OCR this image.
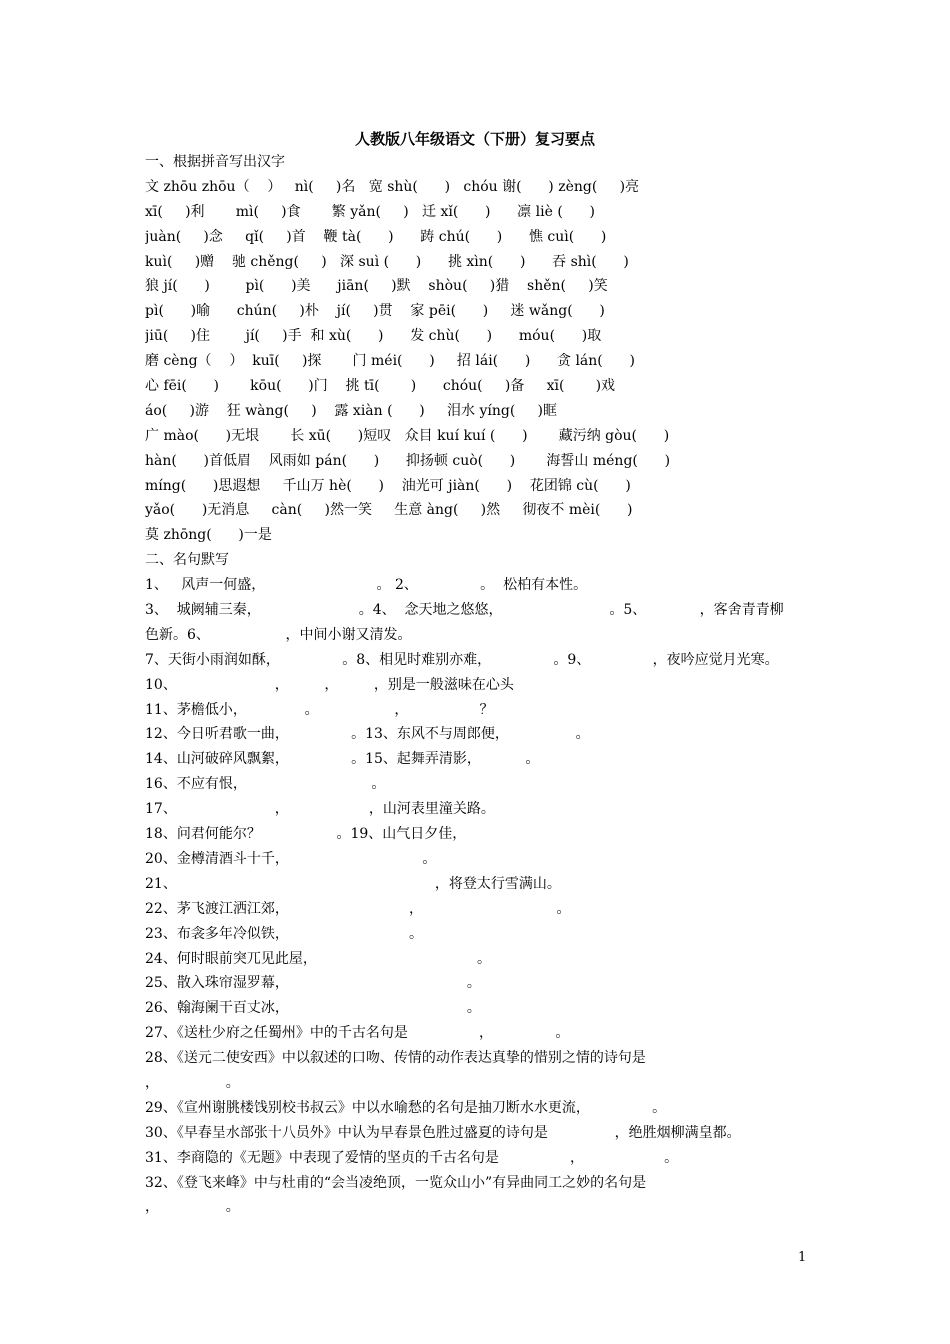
人教版八年级语文（下册）复习要点
一、根据拼音写出汉字
文 zhōu zhōu（    ）   nì(     )名   宽 shù(      )   chóu 谢(      ) zèng(     )亮
xī(     )利       mì(     )食       繁 yǎn(     )   迁 xǐ(      )      凛 liè (      )
juàn(     )念     qǐ(     )首    鞭 tà(      )      踌 chú(      )      憔 cuì(      )
kuì(     )赠    驰 chěng(     )   深 suì (      )      挑 xìn(      )      吞 shì(      )
狼 jí(      )        pì(      )美      jiān(     )默    shòu(     )猎    shěn(     )笑
pì(      )喻      chún(     )朴    jí(     )贯    家 pēi(      )     迷 wǎng(      )
jiū(     )住        jí(     )手  和 xù(      )      发 chù(      )      móu(      )取
磨 cèng（    ）  kuī(     )探       门 méi(      )     招 lái(      )      贪 lán(      )
心 fēi(      )       kōu(      )门    挑 tī(       )      chóu(     )备     xī(       )戏
áo(     )游    狂 wàng(     )    露 xiàn (      )     泪水 yíng(     )眶
广 mào(      )无垠       长 xū(      )短叹   众目 kuí kuí (      )       藏污纳 gòu(      )
hàn(      )首低眉    风雨如 pán(      )      抑扬顿 cuò(      )       海誓山 méng(      )
míng(      )思遐想     千山万 hè(      )    油光可 jiàn(      )    花团锦 cù(      )
yǎo(      )无消息     càn(     )然一笑     生意 àng(     )然     彻夜不 mèi(      )
莫 zhōng(      )一是
二、名句默写
1、   风声一何盛，                         。 2、              。  松柏有本性。
3、  城阙辅三秦，                      。4、  念天地之悠悠，                        。5、            ，客舍青青柳
色新。6、                 ，中间小谢又清发。
7、天街小雨润如酥，              。8、相见时难别亦难，              。9、              ，夜吟应觉月光寒。
10、                      ，        ，        ，别是一般滋味在心头
11、茅檐低小，             。                 ，                ？
12、今日听君歌一曲，              。13、东风不与周郎便，               。
14、山河破碎风飘絮，              。15、起舞弄清影，          。
16、不应有恨，                            。
17、                      ，                  ，山河表里潼关路。
18、问君何能尔？                 。19、山气日夕佳，
20、金樽清酒斗十千，                              。
21、                                                          ，将登太行雪满山。
22、茅飞渡江洒江郊，                           ，                              。
23、布衾多年冷似铁，                           。
24、何时眼前突兀见此屋，                                    。
25、散入珠帘湿罗幕，                                        。
26、翰海阑干百丈冰，                                        。
27、《送杜少府之任蜀州》中的千古名句是                ，              。
28、《送元二使安西》中以叙述的口吻、传情的动作表达真挚的惜别之情的诗句是
，               。
29、《宣州谢朓楼饯别校书叔云》中以水喻愁的名句是抽刀断水水更流，              。
30、《早春呈水部张十八员外》中认为早春景色胜过盛夏的诗句是               ，绝胜烟柳满皇都。
31、李商隐的《无题》中表现了爱情的坚贞的千古名句是                ，                  。
32、《登飞来峰》中与杜甫的“会当凌绝顶，一览众山小”有异曲同工之妙的名句是
，               。
1
